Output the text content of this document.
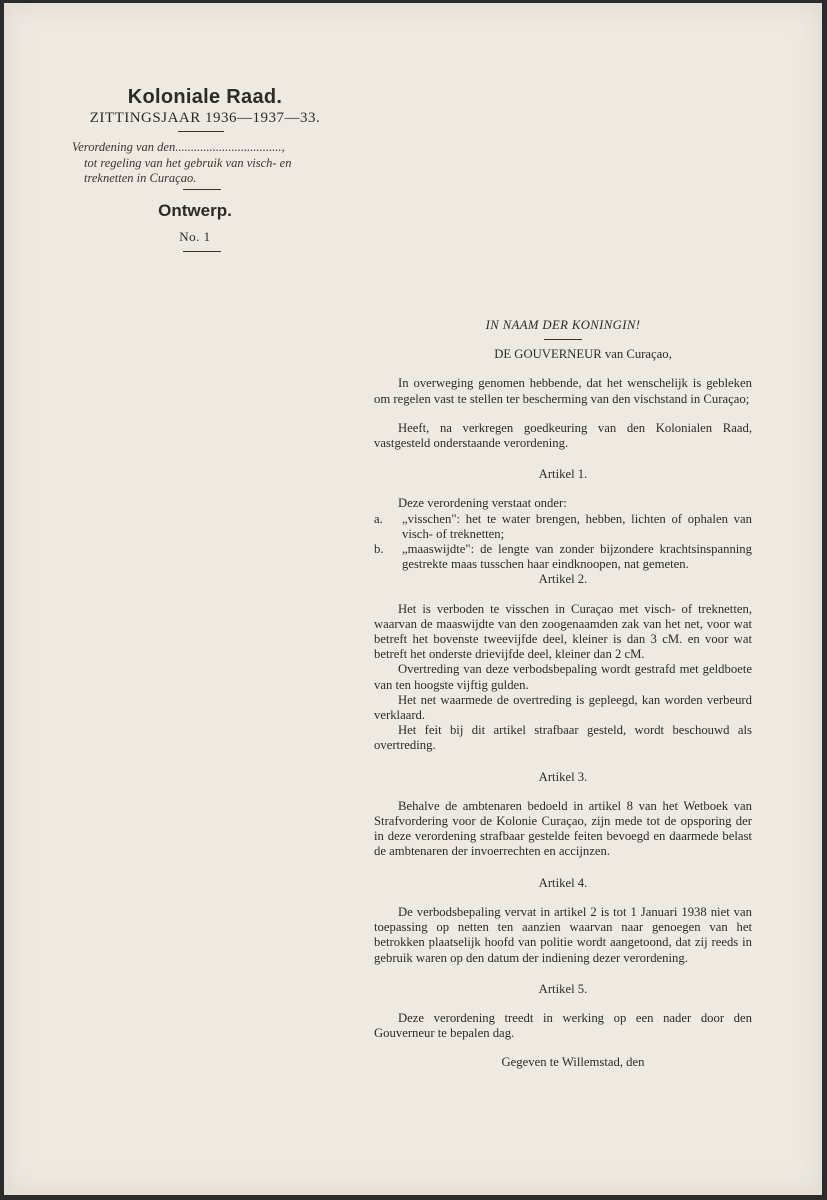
Koloniale Raad.
ZITTINGSJAAR 1936—1937—33.
Verordening van den..................................,
tot regeling van het gebruik van visch- en
treknetten in Curaçao.
Ontwerp.
No. 1
IN NAAM DER KONINGIN!
DE GOUVERNEUR van Curaçao,
In overweging genomen hebbende, dat het wenschelijk is gebleken om regelen vast te stellen ter bescherming van den vischstand in Curaçao;
Heeft, na verkregen goedkeuring van den Kolonialen Raad, vastgesteld onderstaande verordening.
Artikel 1.
Deze verordening verstaat onder:
a.	„visschen": het te water brengen, hebben, lichten of ophalen van visch- of treknetten;
b.	„maaswijdte": de lengte van zonder bijzondere krachtsinspanning gestrekte maas tusschen haar eindknoopen, nat gemeten.
Artikel 2.
Het is verboden te visschen in Curaçao met visch- of treknetten, waarvan de maaswijdte van den zoogenaamden zak van het net, voor wat betreft het bovenste tweevijfde deel, kleiner is dan 3 cM. en voor wat betreft het onderste drievijfde deel, kleiner dan 2 cM.
Overtreding van deze verbodsbepaling wordt gestrafd met geldboete van ten hoogste vijftig gulden.
Het net waarmede de overtreding is gepleegd, kan worden verbeurd verklaard.
Het feit bij dit artikel strafbaar gesteld, wordt beschouwd als overtreding.
Artikel 3.
Behalve de ambtenaren bedoeld in artikel 8 van het Wetboek van Strafvordering voor de Kolonie Curaçao, zijn mede tot de opsporing der in deze verordening strafbaar gestelde feiten bevoegd en daarmede belast de ambtenaren der invoerrechten en accijnzen.
Artikel 4.
De verbodsbepaling vervat in artikel 2 is tot 1 Januari 1938 niet van toepassing op netten ten aanzien waarvan naar genoegen van het betrokken plaatselijk hoofd van politie wordt aangetoond, dat zij reeds in gebruik waren op den datum der indiening dezer verordening.
Artikel 5.
Deze verordening treedt in werking op een nader door den Gouverneur te bepalen dag.
Gegeven te Willemstad, den
